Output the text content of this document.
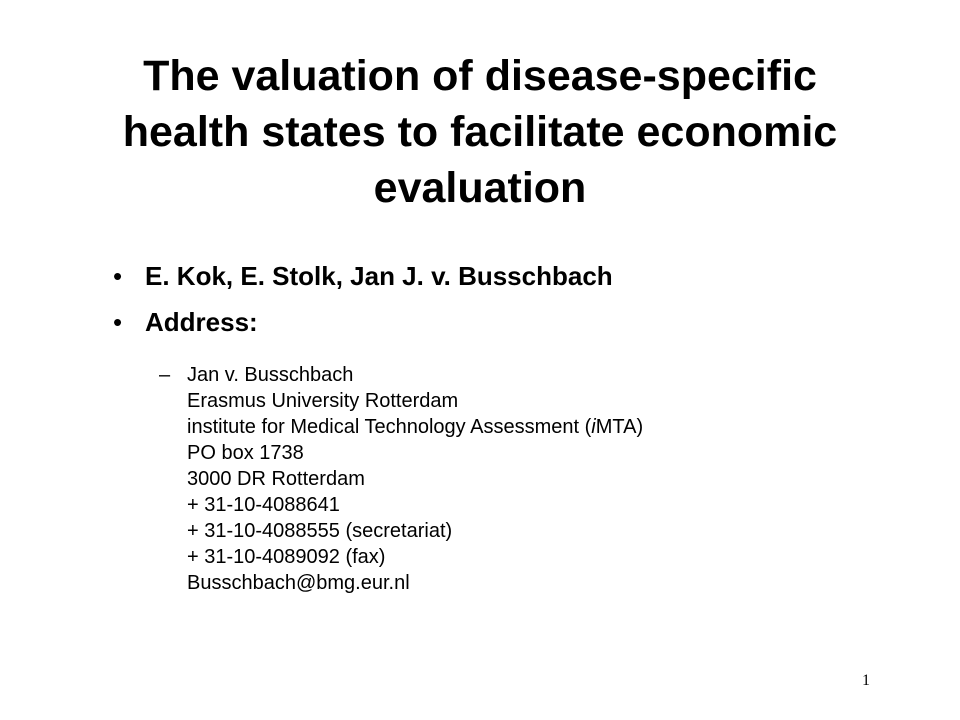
The valuation of disease-specific
health states to facilitate economic
evaluation
• E. Kok, E. Stolk, Jan J. v. Busschbach
• Address:
– Jan v. Busschbach
Erasmus University Rotterdam
institute for Medical Technology Assessment (iMTA)
PO box 1738
3000 DR Rotterdam
+ 31-10-4088641
+ 31-10-4088555 (secretariat)
+ 31-10-4089092 (fax)
Busschbach@bmg.eur.nl
1
